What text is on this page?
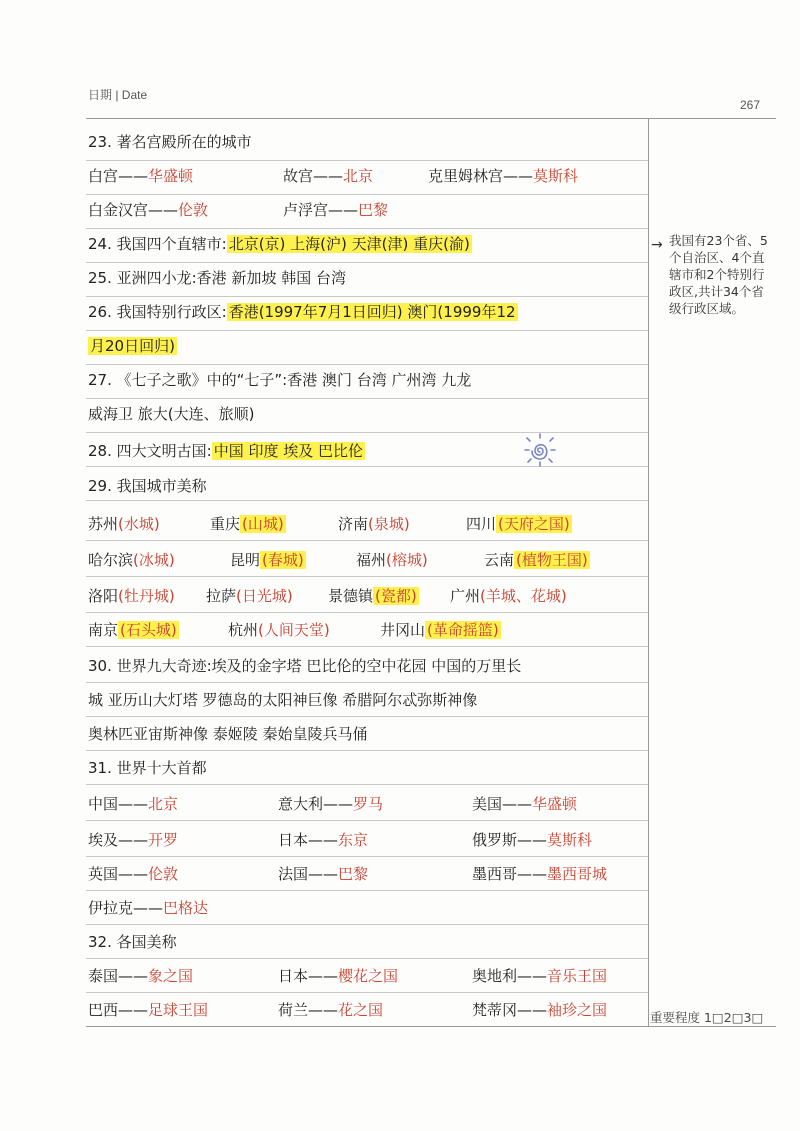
日期 | Date
267
23. 著名宫殿所在的城市
白宫——华盛顿	故宫——北京	克里姆林宫——莫斯科
白金汉宫——伦敦	卢浮宫——巴黎
24. 我国四个直辖市: 北京(京) 上海(沪) 天津(津) 重庆(渝)
25. 亚洲四小龙:香港 新加坡 韩国 台湾
26. 我国特别行政区: 香港(1997年7月1日回归) 澳门(1999年12
月20日回归)
27. 《七子之歌》中的“七子”:香港 澳门 台湾 广州湾 九龙
威海卫 旅大(大连、旅顺)
28. 四大文明古国: 中国 印度 埃及 巴比伦
29. 我国城市美称
苏州(水城)	重庆 (山城)	济南(泉城)	四川 (天府之国)
哈尔滨(冰城)	昆明 (春城)	福州(榕城)	云南 (植物王国)
洛阳(牡丹城) 拉萨(日光城) 景德镇 (瓷都) 广州(羊城、花城)
南京 (石头城)	杭州(人间天堂)	井冈山 (革命摇篮)
30. 世界九大奇迹:埃及的金字塔 巴比伦的空中花园 中国的万里长
城 亚历山大灯塔 罗德岛的太阳神巨像 希腊阿尔忒弥斯神像
奥林匹亚宙斯神像 泰姬陵 秦始皇陵兵马俑
31. 世界十大首都
中国——北京	意大利——罗马	美国——华盛顿
埃及——开罗	日本——东京	俄罗斯——莫斯科
英国——伦敦	法国——巴黎	墨西哥——墨西哥城
伊拉克——巴格达
32. 各国美称
泰国——象之国	日本——樱花之国	奥地利——音乐王国
巴西——足球王国	荷兰——花之国	梵蒂冈——袖珍之国
→ 我国有23个省、5个自治区、4个直辖市和2个特别行政区,共计34个省级行政区域。
重要程度 1□2□3□
